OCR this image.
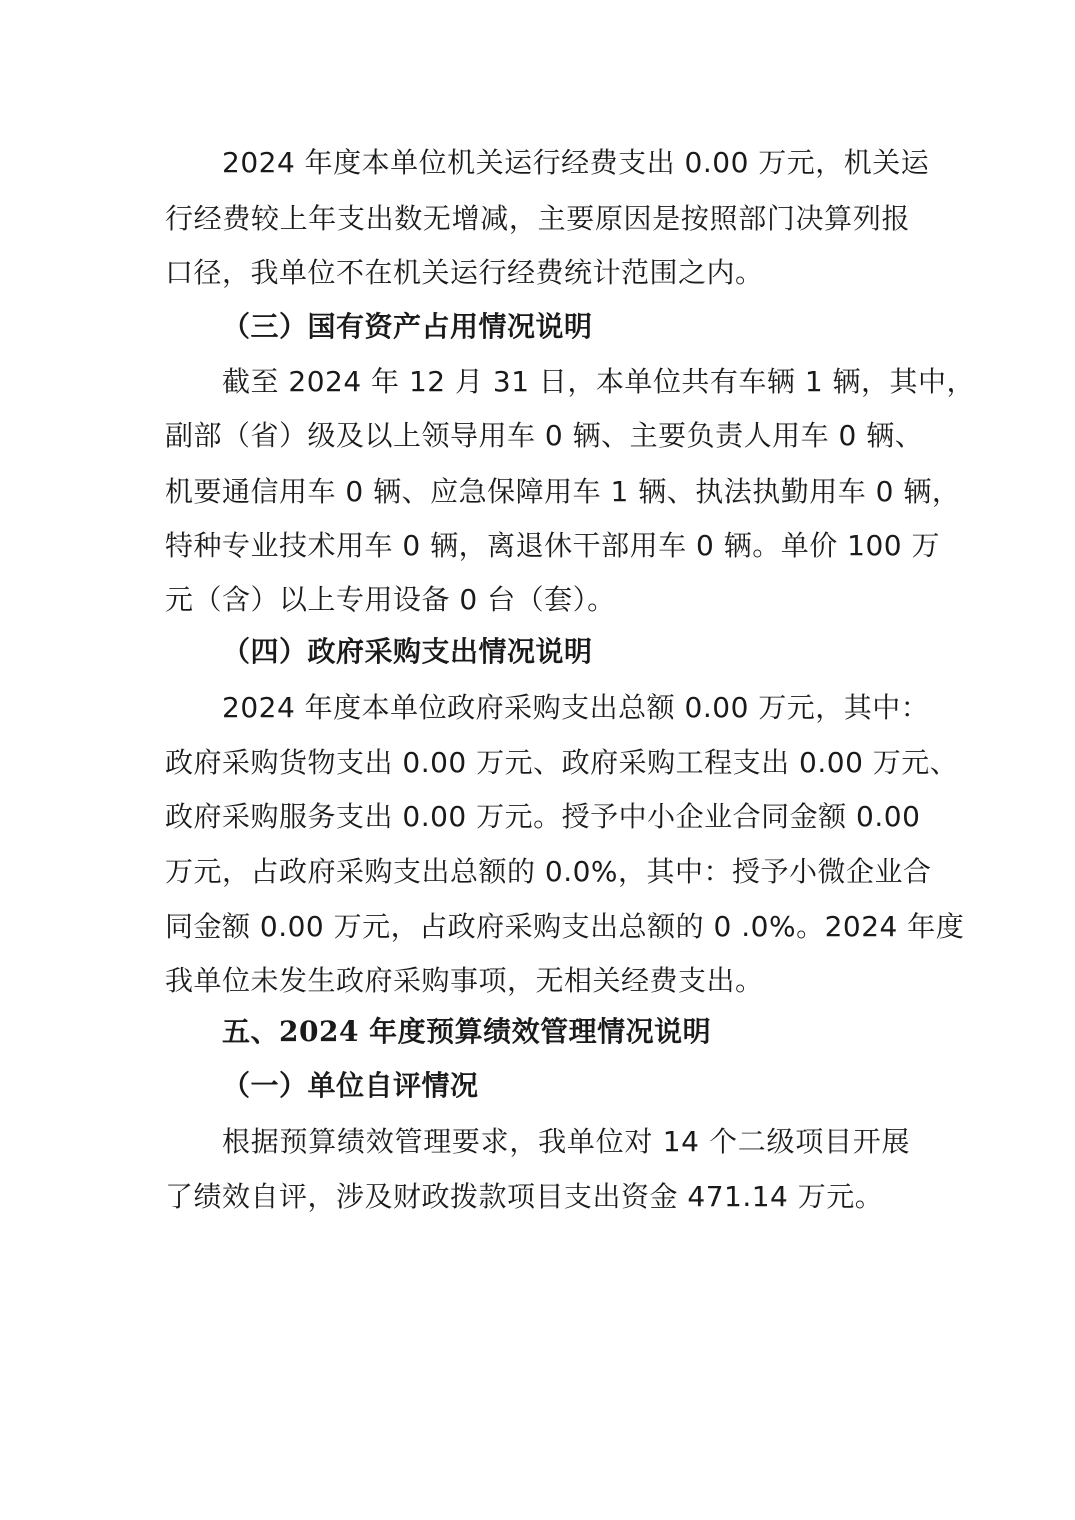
2024 年度本单位机关运行经费支出 0.00 万元，机关运
行经费较上年支出数无增减，主要原因是按照部门决算列报
口径，我单位不在机关运行经费统计范围之内。
（三）国有资产占用情况说明
截至 2024 年 12 月 31 日，本单位共有车辆 1 辆，其中，
副部（省）级及以上领导用车 0 辆、主要负责人用车 0 辆、
机要通信用车 0 辆、应急保障用车 1 辆、执法执勤用车 0 辆，
特种专业技术用车 0 辆，离退休干部用车 0 辆。单价 100 万
元（含）以上专用设备 0 台（套）。
（四）政府采购支出情况说明
2024 年度本单位政府采购支出总额 0.00 万元，其中：
政府采购货物支出 0.00 万元、政府采购工程支出 0.00 万元、
政府采购服务支出 0.00 万元。授予中小企业合同金额 0.00
万元，占政府采购支出总额的 0.0%，其中：授予小微企业合
同金额 0.00 万元，占政府采购支出总额的 0 .0%。2024 年度
我单位未发生政府采购事项，无相关经费支出。
五、2024 年度预算绩效管理情况说明
（一）单位自评情况
根据预算绩效管理要求，我单位对 14 个二级项目开展
了绩效自评，涉及财政拨款项目支出资金 471.14 万元。
